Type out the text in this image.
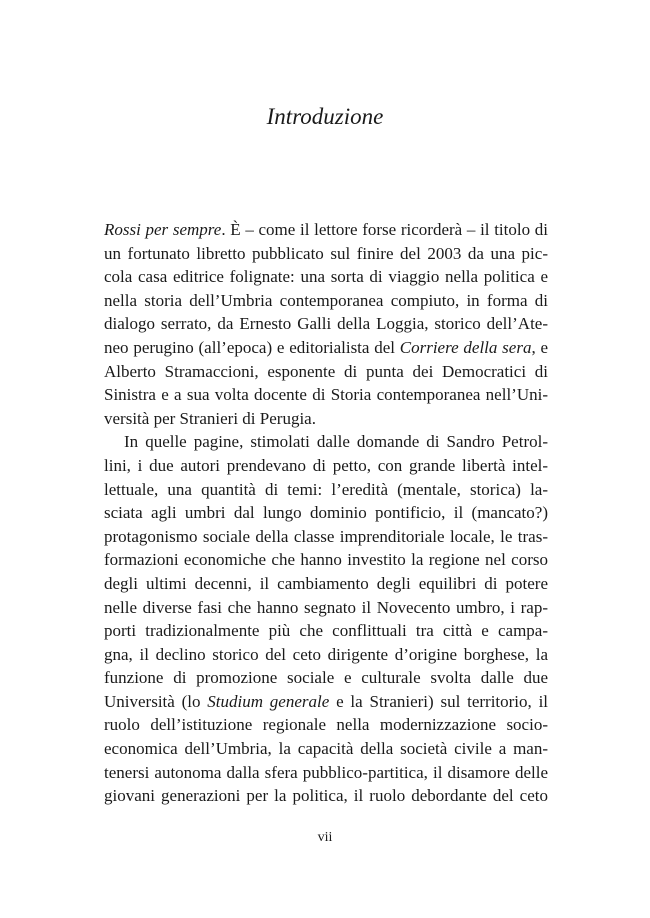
Introduzione
Rossi per sempre. È – come il lettore forse ricorderà – il titolo di
un fortunato libretto pubblicato sul finire del 2003 da una pic-
cola casa editrice folignate: una sorta di viaggio nella politica e
nella storia dell’Umbria contemporanea compiuto, in forma di
dialogo serrato, da Ernesto Galli della Loggia, storico dell’Ate-
neo perugino (all’epoca) e editorialista del Corriere della sera, e
Alberto Stramaccioni, esponente di punta dei Democratici di
Sinistra e a sua volta docente di Storia contemporanea nell’Uni-
versità per Stranieri di Perugia.
In quelle pagine, stimolati dalle domande di Sandro Petrol-
lini, i due autori prendevano di petto, con grande libertà intel-
lettuale, una quantità di temi: l’eredità (mentale, storica) la-
sciata agli umbri dal lungo dominio pontificio, il (mancato?)
protagonismo sociale della classe imprenditoriale locale, le tras-
formazioni economiche che hanno investito la regione nel corso
degli ultimi decenni, il cambiamento degli equilibri di potere
nelle diverse fasi che hanno segnato il Novecento umbro, i rap-
porti tradizionalmente più che conflittuali tra città e campa-
gna, il declino storico del ceto dirigente d’origine borghese, la
funzione di promozione sociale e culturale svolta dalle due
Università (lo Studium generale e la Stranieri) sul territorio, il
ruolo dell’istituzione regionale nella modernizzazione socio-
economica dell’Umbria, la capacità della società civile a man-
tenersi autonoma dalla sfera pubblico-partitica, il disamore delle
giovani generazioni per la politica, il ruolo debordante del ceto

vii
